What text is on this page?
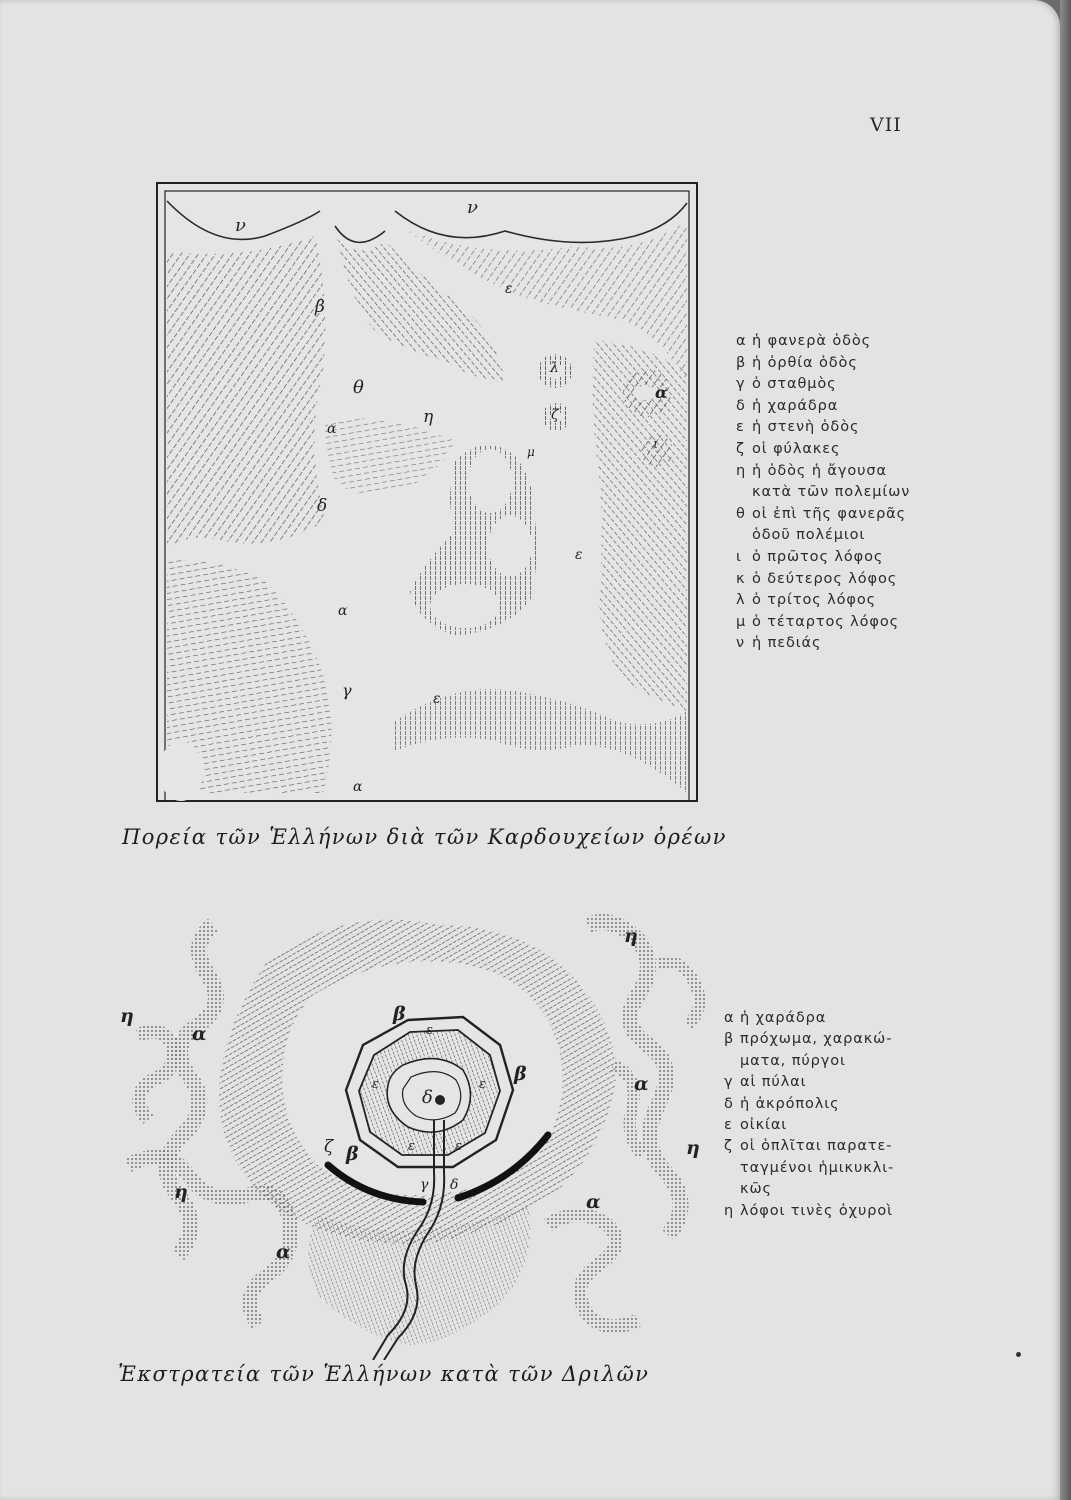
VII
ν
ν
β
ε
θ
η
λ
ζ
α
ι
α
μ
δ
ε
α
γ	ε
α
α ἡ φανερὰ ὁδὸς
β ἡ ὀρθία ὁδὸς
γ ὁ σταθμὸς
δ ἡ χαράδρα
ε ἡ στενὴ ὁδὸς
ζ οἱ φύλακες
η ἡ ὁδὸς ἡ ἄγουσα
κατὰ τῶν πολεμίων
θ οἱ ἐπὶ τῆς φανερᾶς
ὁδοῦ πολέμιοι
ι ὁ πρῶτος λόφος
κ ὁ δεύτερος λόφος
λ ὁ τρίτος λόφος
μ ὁ τέταρτος λόφος
ν ἡ πεδιάς
Πορεία τῶν Ἑλλήνων διὰ τῶν Καρδουχείων ὀρέων
η
η
α
β
β	α
η
ζ β
ε
ε	ε
ε	ε
δ
γ δ
η
α
α
α ἡ χαράδρα
β πρόχωμα, χαρακώ-
ματα, πύργοι
γ αἱ πύλαι
δ ἡ ἀκρόπολις
ε οἰκίαι
ζ οἱ ὁπλῖται παρατε-
ταγμένοι ἡμικυκλι-
κῶς
η λόφοι τινὲς ὀχυροὶ
Ἐκστρατεία τῶν Ἑλλήνων κατὰ τῶν Δριλῶν
